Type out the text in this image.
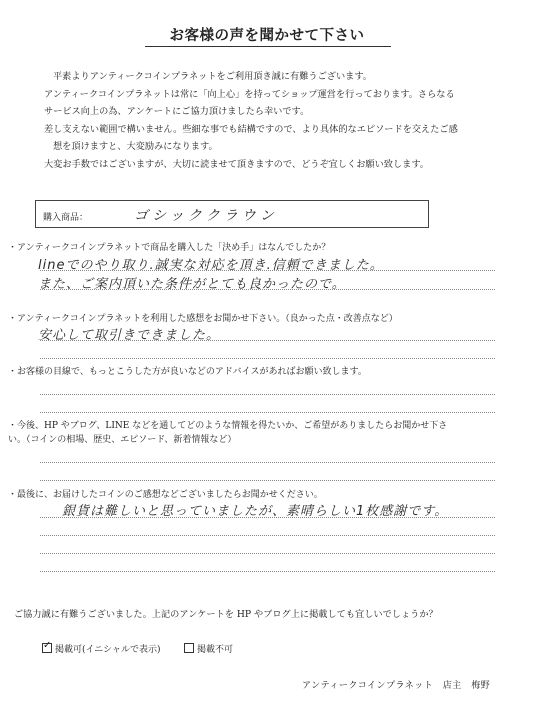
お客様の声を聞かせて下さい

平素よりアンティークコインプラネットをご利用頂き誠に有難うございます。

アンティークコインプラネットは常に「向上心」を持ってショップ運営を行っております。さらなる

サービス向上の為、アンケートにご協力頂けましたら幸いです。

差し支えない範囲で構いません。些細な事でも結構ですので、より具体的なエピソードを交えたご感

想を頂けますと、大変励みになります。

大変お手数ではございますが、大切に読ませて頂きますので、どうぞ宜しくお願い致します。

購入商品：	ゴシッククラウン
・アンティークコインプラネットで商品を購入した「決め手」はなんでしたか？
lineでのやり取り.誠実な対応を頂き.信頼できました。
また、ご案内頂いた条件がとても良かったので。
・アンティークコインプラネットを利用した感想をお聞かせ下さい。（良かった点・改善点など）
安心して取引きできました。
・お客様の目線で、もっとこうした方が良いなどのアドバイスがあればお願い致します。
・今後、HP やブログ、LINE などを通してどのような情報を得たいか、ご希望がありましたらお聞かせ下さ
い。（コインの相場、歴史、エピソード、新着情報など）
・最後に、お届けしたコインのご感想などございましたらお聞かせください。
銀貨は難しいと思っていましたが、素晴らしい1枚感謝です。
ご協力誠に有難うございました。上記のアンケートを HP やブログ上に掲載しても宜しいでしょうか？
✓掲載可(イニシャルで表示)	掲載不可
アンティークコインプラネット　店主　梅野
